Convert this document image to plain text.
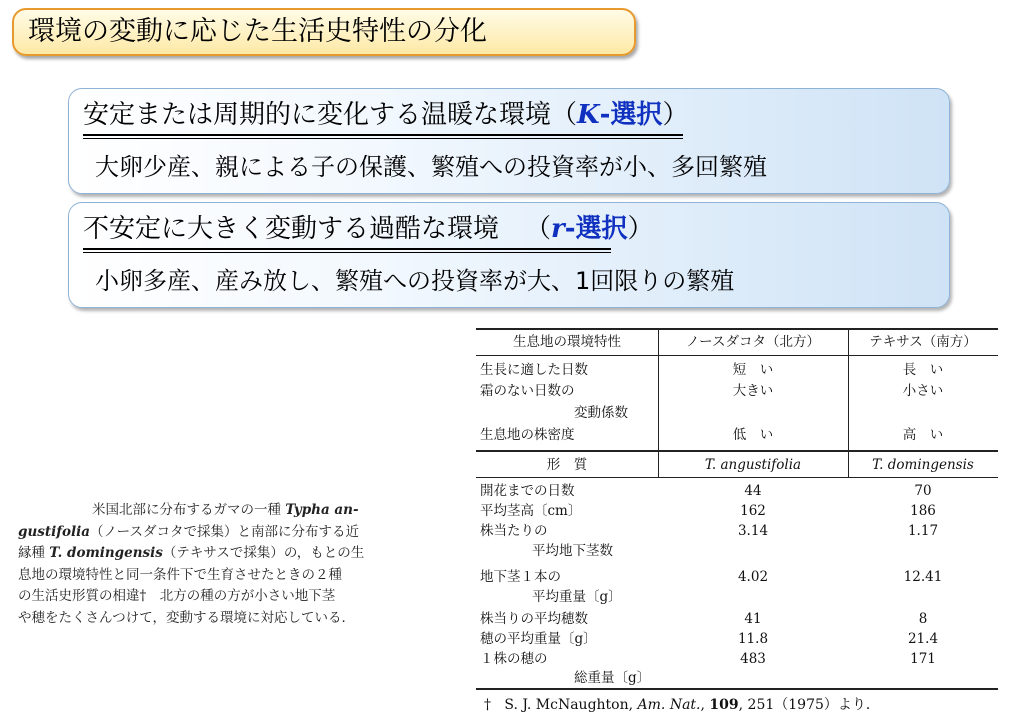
環境の変動に応じた生活史特性の分化
安定または周期的に変化する温暖な環境（K-選択）
大卵少産、親による子の保護、繁殖への投資率が小、多回繁殖
不安定に大きく変動する過酷な環境 （r-選択）
小卵多産、産み放し、繁殖への投資率が大、1回限りの繁殖
米国北部に分布するガマの一種 Typha an-
gustifolia（ノースダコタで採集）と南部に分布する近
縁種 T. domingensis（テキサスで採集）の，もとの生
息地の環境特性と同一条件下で生育させたときの２種
の生活史形質の相違†　北方の種の方が小さい地下茎
や穂をたくさんつけて，変動する環境に対応している．
生息地の環境特性	ノースダコタ（北方）	テキサス（南方）
生長に適した日数	短　い	長　い
霜のない日数の	大きい	小さい
変動係数
生息地の株密度	低　い	高　い
形　質	T. angustifolia	T. domingensis
開花までの日数	44	70
平均茎高〔cm〕	162	186
株当たりの	3.14	1.17
平均地下茎数
地下茎１本の	4.02	12.41
平均重量〔g〕
株当りの平均穂数	41	8
穂の平均重量〔g〕	11.8	21.4
１株の穂の	483	171
総重量〔g〕
† S. J. McNaughton, Am. Nat., 109, 251（1975）より．
